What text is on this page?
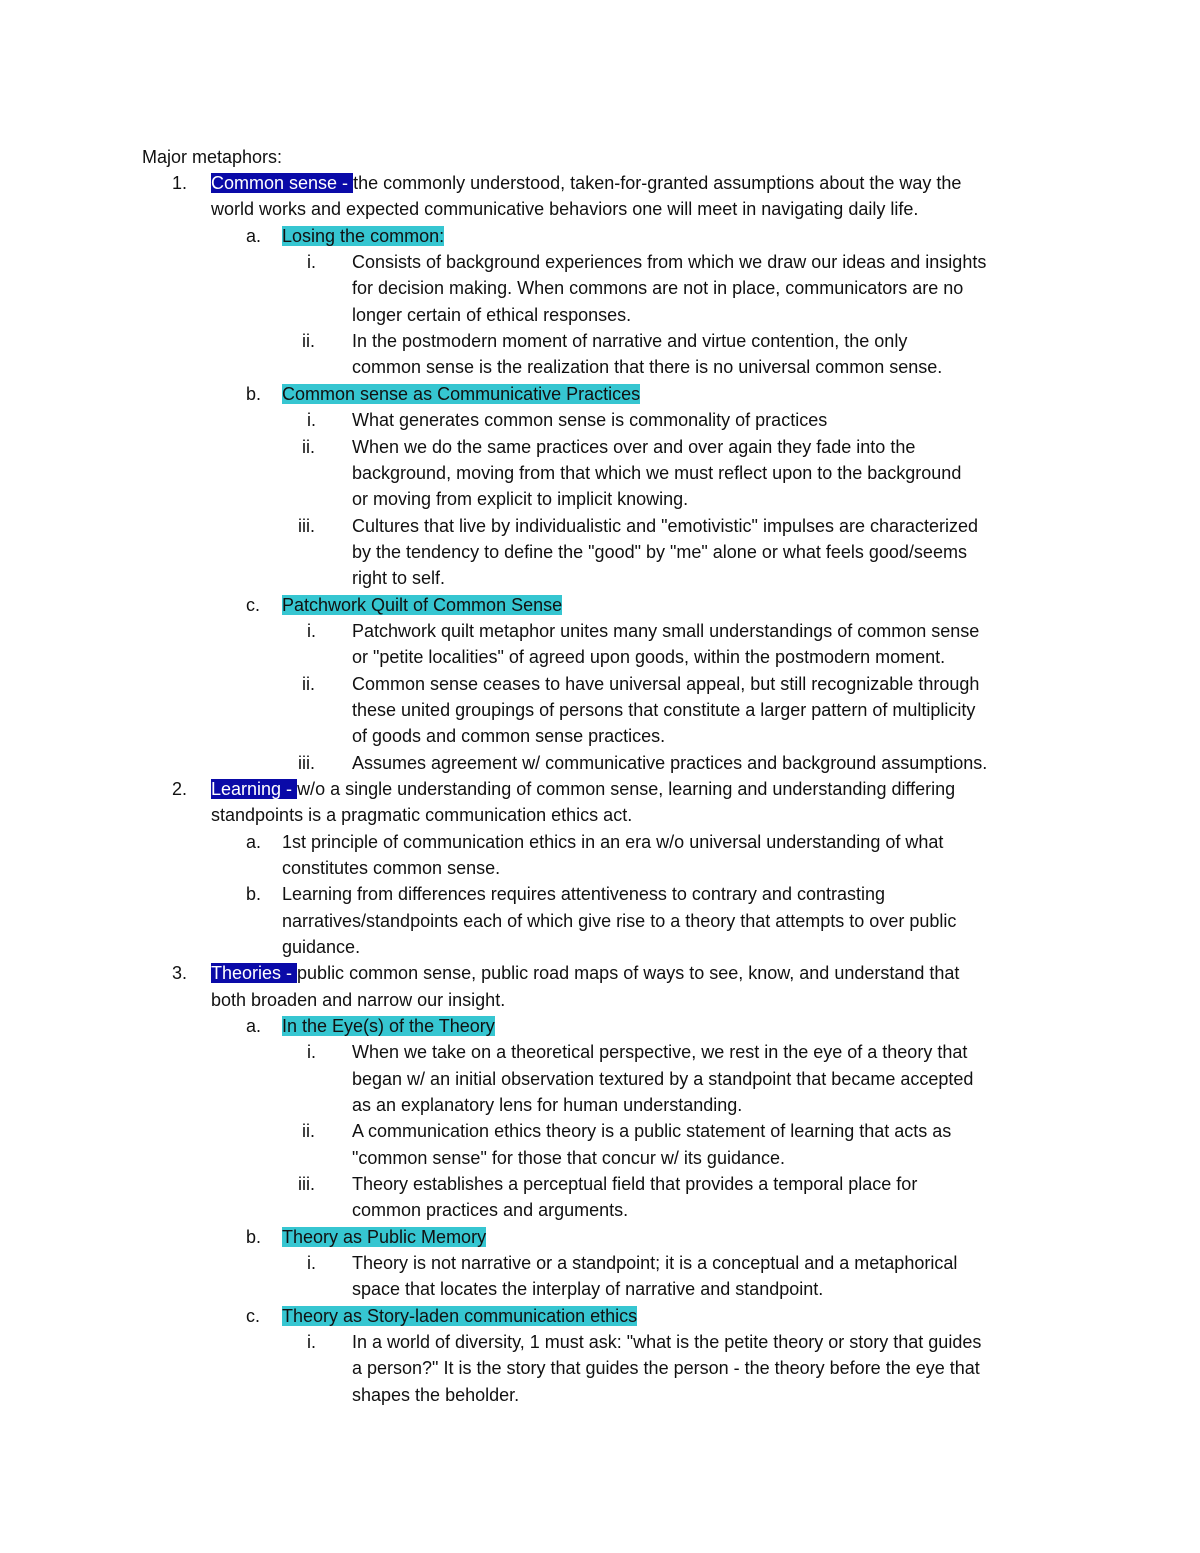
Major metaphors:
1. Common sense - the commonly understood, taken-for-granted assumptions about the way the
world works and expected communicative behaviors one will meet in navigating daily life.
a. Losing the common:
i. Consists of background experiences from which we draw our ideas and insights
for decision making. When commons are not in place, communicators are no
longer certain of ethical responses.
ii. In the postmodern moment of narrative and virtue contention, the only
common sense is the realization that there is no universal common sense.
b. Common sense as Communicative Practices
i. What generates common sense is commonality of practices
ii. When we do the same practices over and over again they fade into the
background, moving from that which we must reflect upon to the background
or moving from explicit to implicit knowing.
iii. Cultures that live by individualistic and "emotivistic" impulses are characterized
by the tendency to define the "good" by "me" alone or what feels good/seems
right to self.
c. Patchwork Quilt of Common Sense
i. Patchwork quilt metaphor unites many small understandings of common sense
or "petite localities" of agreed upon goods, within the postmodern moment.
ii. Common sense ceases to have universal appeal, but still recognizable through
these united groupings of persons that constitute a larger pattern of multiplicity
of goods and common sense practices.
iii. Assumes agreement w/ communicative practices and background assumptions.
2. Learning - w/o a single understanding of common sense, learning and understanding differing
standpoints is a pragmatic communication ethics act.
a. 1st principle of communication ethics in an era w/o universal understanding of what
constitutes common sense.
b. Learning from differences requires attentiveness to contrary and contrasting
narratives/standpoints each of which give rise to a theory that attempts to over public
guidance.
3. Theories - public common sense, public road maps of ways to see, know, and understand that
both broaden and narrow our insight.
a. In the Eye(s) of the Theory
i. When we take on a theoretical perspective, we rest in the eye of a theory that
began w/ an initial observation textured by a standpoint that became accepted
as an explanatory lens for human understanding.
ii. A communication ethics theory is a public statement of learning that acts as
"common sense" for those that concur w/ its guidance.
iii. Theory establishes a perceptual field that provides a temporal place for
common practices and arguments.
b. Theory as Public Memory
i. Theory is not narrative or a standpoint; it is a conceptual and a metaphorical
space that locates the interplay of narrative and standpoint.
c. Theory as Story-laden communication ethics
i. In a world of diversity, 1 must ask: "what is the petite theory or story that guides
a person?" It is the story that guides the person - the theory before the eye that
shapes the beholder.
